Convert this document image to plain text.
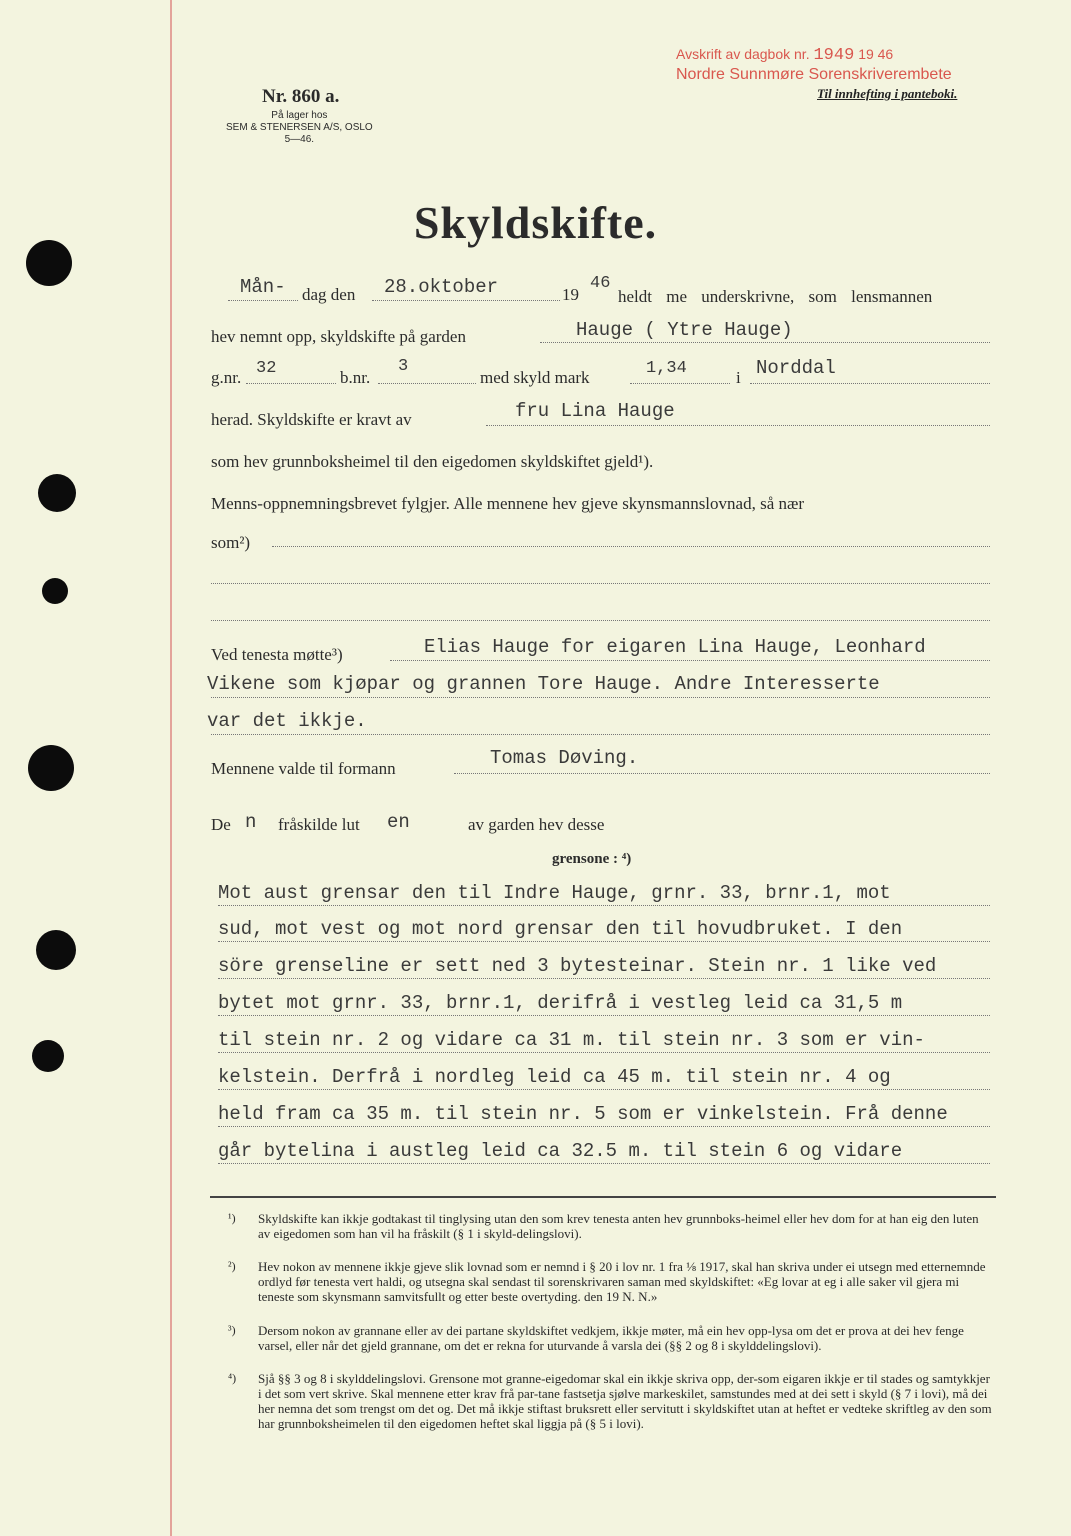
Nr. 860 a.
På lager hos
SEM & STENERSEN A/S, OSLO
5—46.
Avskrift av dagbok nr. 1949 19 46
Nordre Sunnmøre Sorenskriverembete
Til innhefting i panteboki.
Skyldskifte.
Mån- dag den 28.oktober	19
46
heldt me underskrivne, som lensmannen
hev nemnt opp, skyldskifte på garden	Hauge ( Ytre Hauge)
g.nr. 32	b.nr.
3
med skyld mark	1,34	i Norddal
herad. Skyldskifte er kravt av	fru Lina Hauge
som hev grunnboksheimel til den eigedomen skyldskiftet gjeld¹).
Menns-oppnemningsbrevet fylgjer. Alle mennene hev gjeve skynsmannslovnad, så nær
som²)
Ved tenesta møtte³)	Elias Hauge for eigaren Lina Hauge, Leonhard
Vikene som kjøpar og grannen Tore Hauge. Andre Interesserte
var det ikkje.
Mennene valde til formann	Tomas Døving.
De n fråskilde lut en	av garden hev desse
grensone : ⁴)
Mot aust grensar den til Indre Hauge, grnr. 33, brnr.1, mot
sud, mot vest og mot nord grensar den til hovudbruket. I den
söre grenseline er sett ned 3 bytesteinar. Stein nr. 1 like ved
bytet mot grnr. 33, brnr.1, derifrå i vestleg leid ca 31,5 m
til stein nr. 2 og vidare ca 31 m. til stein nr. 3 som er vin-
kelstein. Derfrå i nordleg leid ca 45 m. til stein nr. 4 og
held fram ca 35 m. til stein nr. 5 som er vinkelstein. Frå denne
går bytelina i austleg leid ca 32.5 m. til stein 6 og vidare
¹) Skyldskifte kan ikkje godtakast til tinglysing utan den som krev tenesta anten hev grunnboks-heimel eller hev dom for at han eig den luten av eigedomen som han vil ha fråskilt (§ 1 i skyld-delingslovi).
²) Hev nokon av mennene ikkje gjeve slik lovnad som er nemnd i § 20 i lov nr. 1 fra ⅛ 1917, skal han skriva under ei utsegn med etternemnde ordlyd før tenesta vert haldi, og utsegna skal sendast til sorenskrivaren saman med skyldskiftet: «Eg lovar at eg i alle saker vil gjera mi teneste som skynsmann samvitsfullt og etter beste overtyding. den 19 N. N.»
³) Dersom nokon av grannane eller av dei partane skyldskiftet vedkjem, ikkje møter, må ein hev opp-lysa om det er prova at dei hev fenge varsel, eller når det gjeld grannane, om det er rekna for uturvande å varsla dei (§§ 2 og 8 i skylddelingslovi).
⁴) Sjå §§ 3 og 8 i skylddelingslovi. Grensone mot granne-eigedomar skal ein ikkje skriva opp, der-som eigaren ikkje er til stades og samtykkjer i det som vert skrive. Skal mennene etter krav frå par-tane fastsetja sjølve markeskilet, samstundes med at dei sett i skyld (§ 7 i lovi), må dei her nemna det som trengst om det og. Det må ikkje stiftast bruksrett eller servitutt i skyldskiftet utan at heftet er vedteke skriftleg av den som har grunnboksheimelen til den eigedomen heftet skal liggja på (§ 5 i lovi).
